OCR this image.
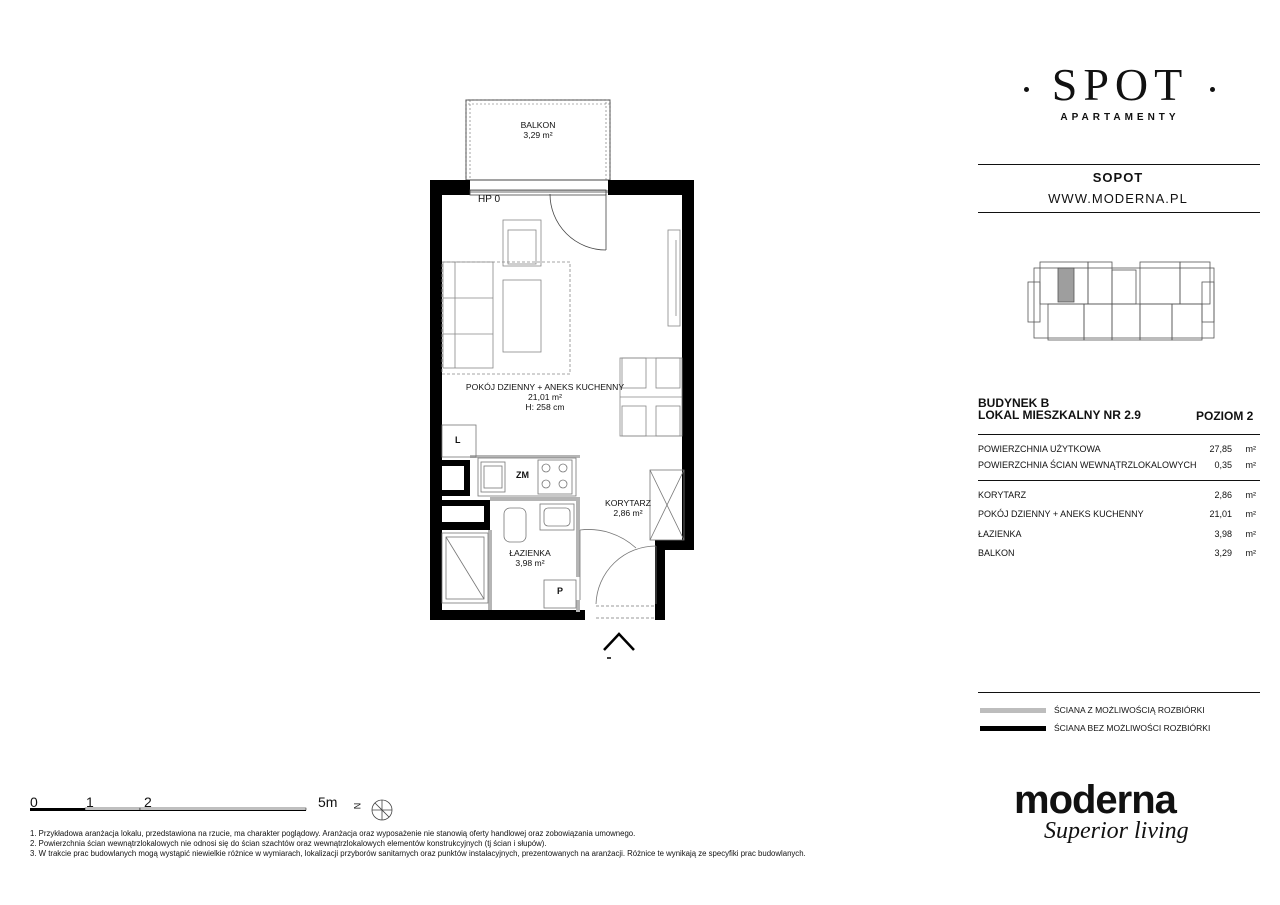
SPOT
APARTAMENTY
SOPOT
WWW.MODERNA.PL
BUDYNEK B
LOKAL MIESZKALNY NR 2.9	POZIOM 2
POWIERZCHNIA UŻYTKOWA	27,85 m²
POWIERZCHNIA ŚCIAN WEWNĄTRZLOKALOWYCH 0,35 m²
KORYTARZ	2,86 m²
POKÓJ DZIENNY + ANEKS KUCHENNY	21,01 m²
ŁAZIENKA	3,98 m²
BALKON	3,29 m²
ŚCIANA Z MOŻLIWOŚCIĄ ROZBIÓRKI
ŚCIANA BEZ MOŻLIWOŚCI ROZBIÓRKI
BALKON
3,29 m²
HP 0
POKÓJ DZIENNY + ANEKS KUCHENNY
21,01 m²
H: 258 cm
KORYTARZ
2,86 m²
ŁAZIENKA
3,98 m²
L
ZM
P
0	1	2	5m N
1. Przykładowa aranżacja lokalu, przedstawiona na rzucie, ma charakter poglądowy. Aranżacja oraz wyposażenie nie stanowią oferty handlowej oraz zobowiązania umownego.
2. Powierzchnia ścian wewnątrzlokalowych nie odnosi się do ścian szachtów oraz wewnątrzlokalowych elementów konstrukcyjnych (tj ścian i słupów).
3. W trakcie prac budowlanych mogą wystąpić niewielkie różnice w wymiarach, lokalizacji przyborów sanitarnych oraz punktów instalacyjnych, prezentowanych na aranżacji. Różnice te wynikają ze specyfiki prac budowlanych.
moderna
Superior living
